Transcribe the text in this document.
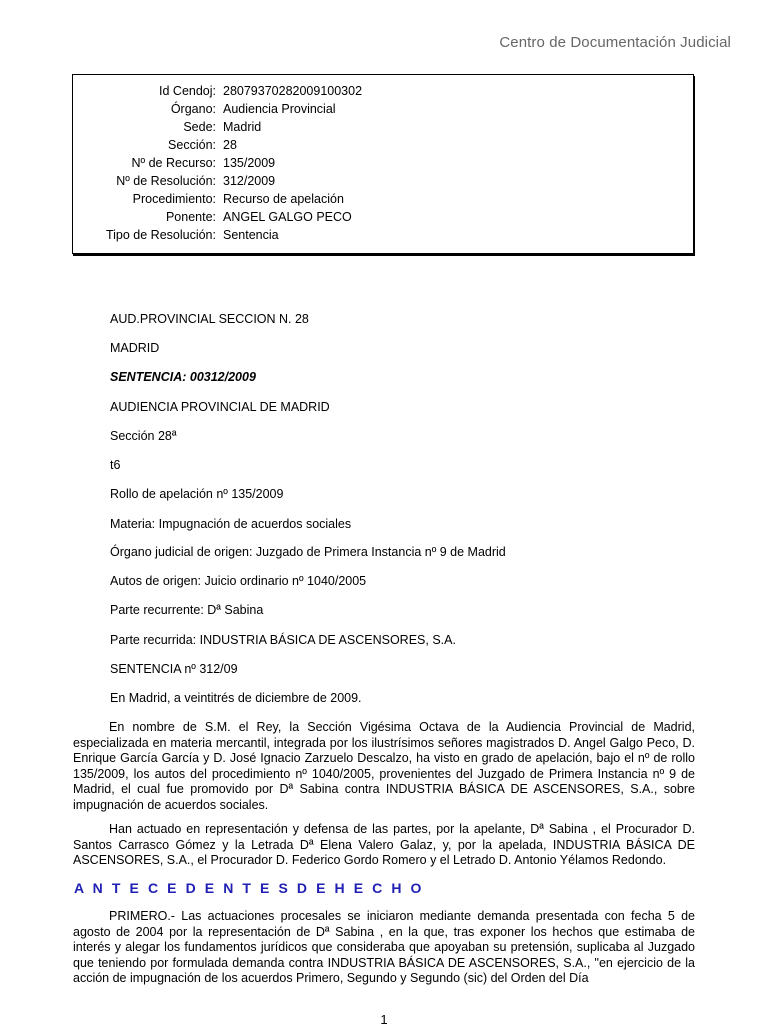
Centro de Documentación Judicial
Id Cendoj: 28079370282009100302
Órgano: Audiencia Provincial
Sede: Madrid
Sección: 28
Nº de Recurso: 135/2009
Nº de Resolución: 312/2009
Procedimiento: Recurso de apelación
Ponente: ANGEL GALGO PECO
Tipo de Resolución: Sentencia
AUD.PROVINCIAL SECCION N. 28
MADRID
SENTENCIA: 00312/2009
AUDIENCIA PROVINCIAL DE MADRID
Sección 28ª
t6
Rollo de apelación nº 135/2009
Materia: Impugnación de acuerdos sociales
Órgano judicial de origen: Juzgado de Primera Instancia nº 9 de Madrid
Autos de origen: Juicio ordinario nº 1040/2005
Parte recurrente: Dª Sabina
Parte recurrida: INDUSTRIA BÁSICA DE ASCENSORES, S.A.
SENTENCIA nº 312/09
En Madrid, a veintitrés de diciembre de 2009.

En nombre de S.M. el Rey, la Sección Vigésima Octava de la Audiencia Provincial de Madrid, especializada en materia mercantil, integrada por los ilustrísimos señores magistrados D. Angel Galgo Peco, D. Enrique García García y D. José Ignacio Zarzuelo Descalzo, ha visto en grado de apelación, bajo el nº de rollo 135/2009, los autos del procedimiento nº 1040/2005, provenientes del Juzgado de Primera Instancia nº 9 de Madrid, el cual fue promovido por Dª Sabina contra INDUSTRIA BÁSICA DE ASCENSORES, S.A., sobre impugnación de acuerdos sociales.

Han actuado en representación y defensa de las partes, por la apelante, Dª Sabina , el Procurador D. Santos Carrasco Gómez y la Letrada Dª Elena Valero Galaz, y, por la apelada, INDUSTRIA BÁSICA DE ASCENSORES, S.A., el Procurador D. Federico Gordo Romero y el Letrado D. Antonio Yélamos Redondo.

A N T E C E D E N T E S D E H E C H O

PRIMERO.- Las actuaciones procesales se iniciaron mediante demanda presentada con fecha 5 de agosto de 2004 por la representación de Dª Sabina , en la que, tras exponer los hechos que estimaba de interés y alegar los fundamentos jurídicos que consideraba que apoyaban su pretensión, suplicaba al Juzgado que teniendo por formulada demanda contra INDUSTRIA BÁSICA DE ASCENSORES, S.A., "en ejercicio de la acción de impugnación de los acuerdos Primero, Segundo y Segundo (sic) del Orden del Día

1
